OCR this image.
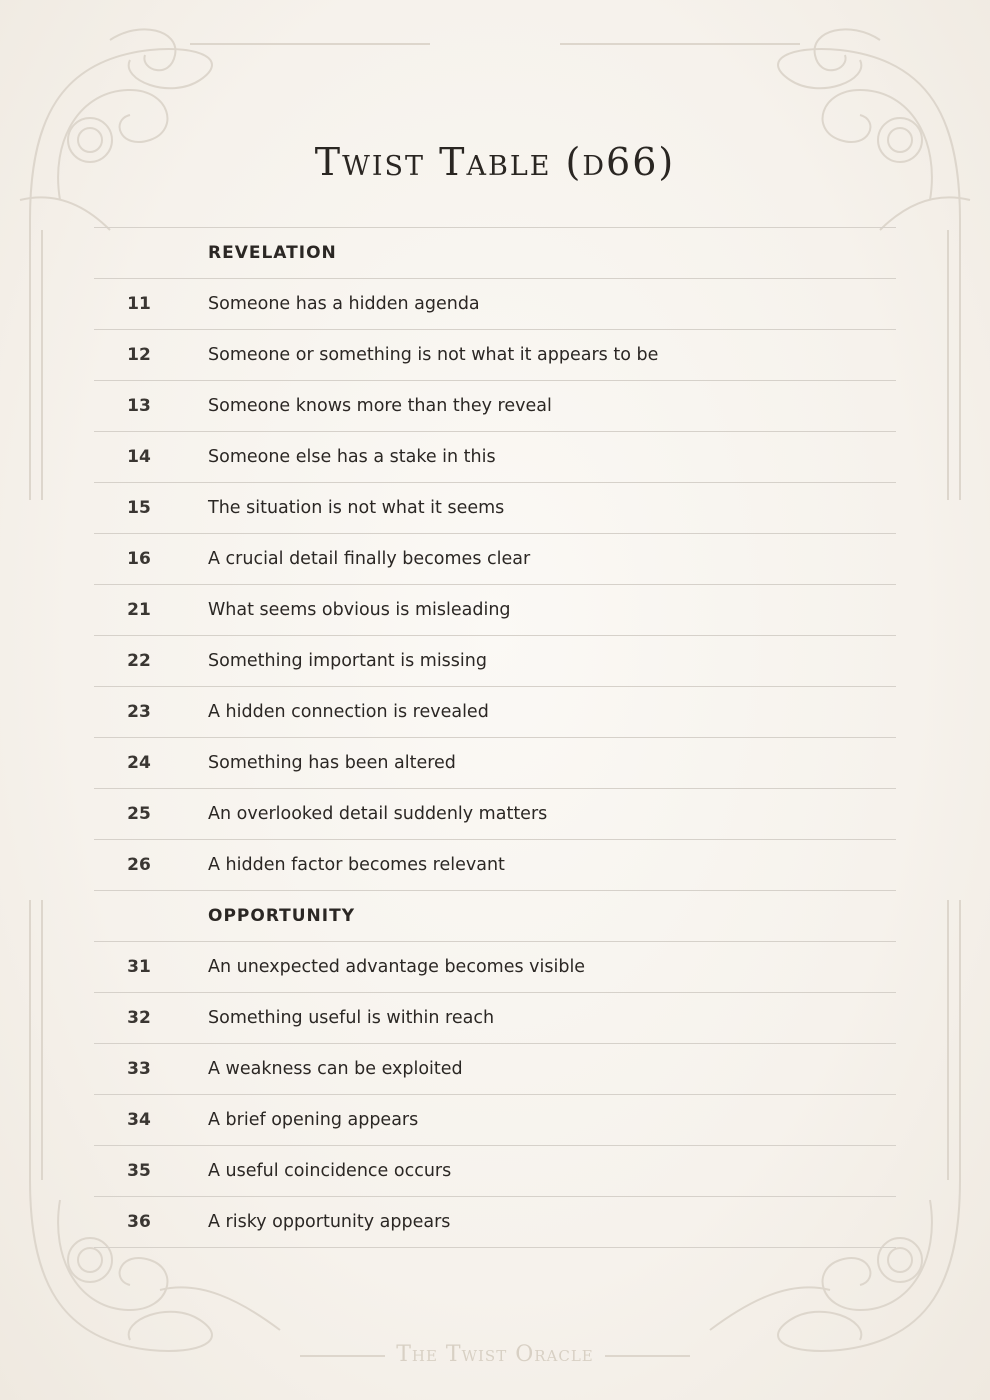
Twist Table (d66)
REVELATION
11	Someone has a hidden agenda
12	Someone or something is not what it appears to be
13	Someone knows more than they reveal
14	Someone else has a stake in this
15	The situation is not what it seems
16	A crucial detail finally becomes clear
21	What seems obvious is misleading
22	Something important is missing
23	A hidden connection is revealed
24	Something has been altered
25	An overlooked detail suddenly matters
26	A hidden factor becomes relevant
OPPORTUNITY
31	An unexpected advantage becomes visible
32	Something useful is within reach
33	A weakness can be exploited
34	A brief opening appears
35	A useful coincidence occurs
36	A risky opportunity appears
The Twist Oracle
